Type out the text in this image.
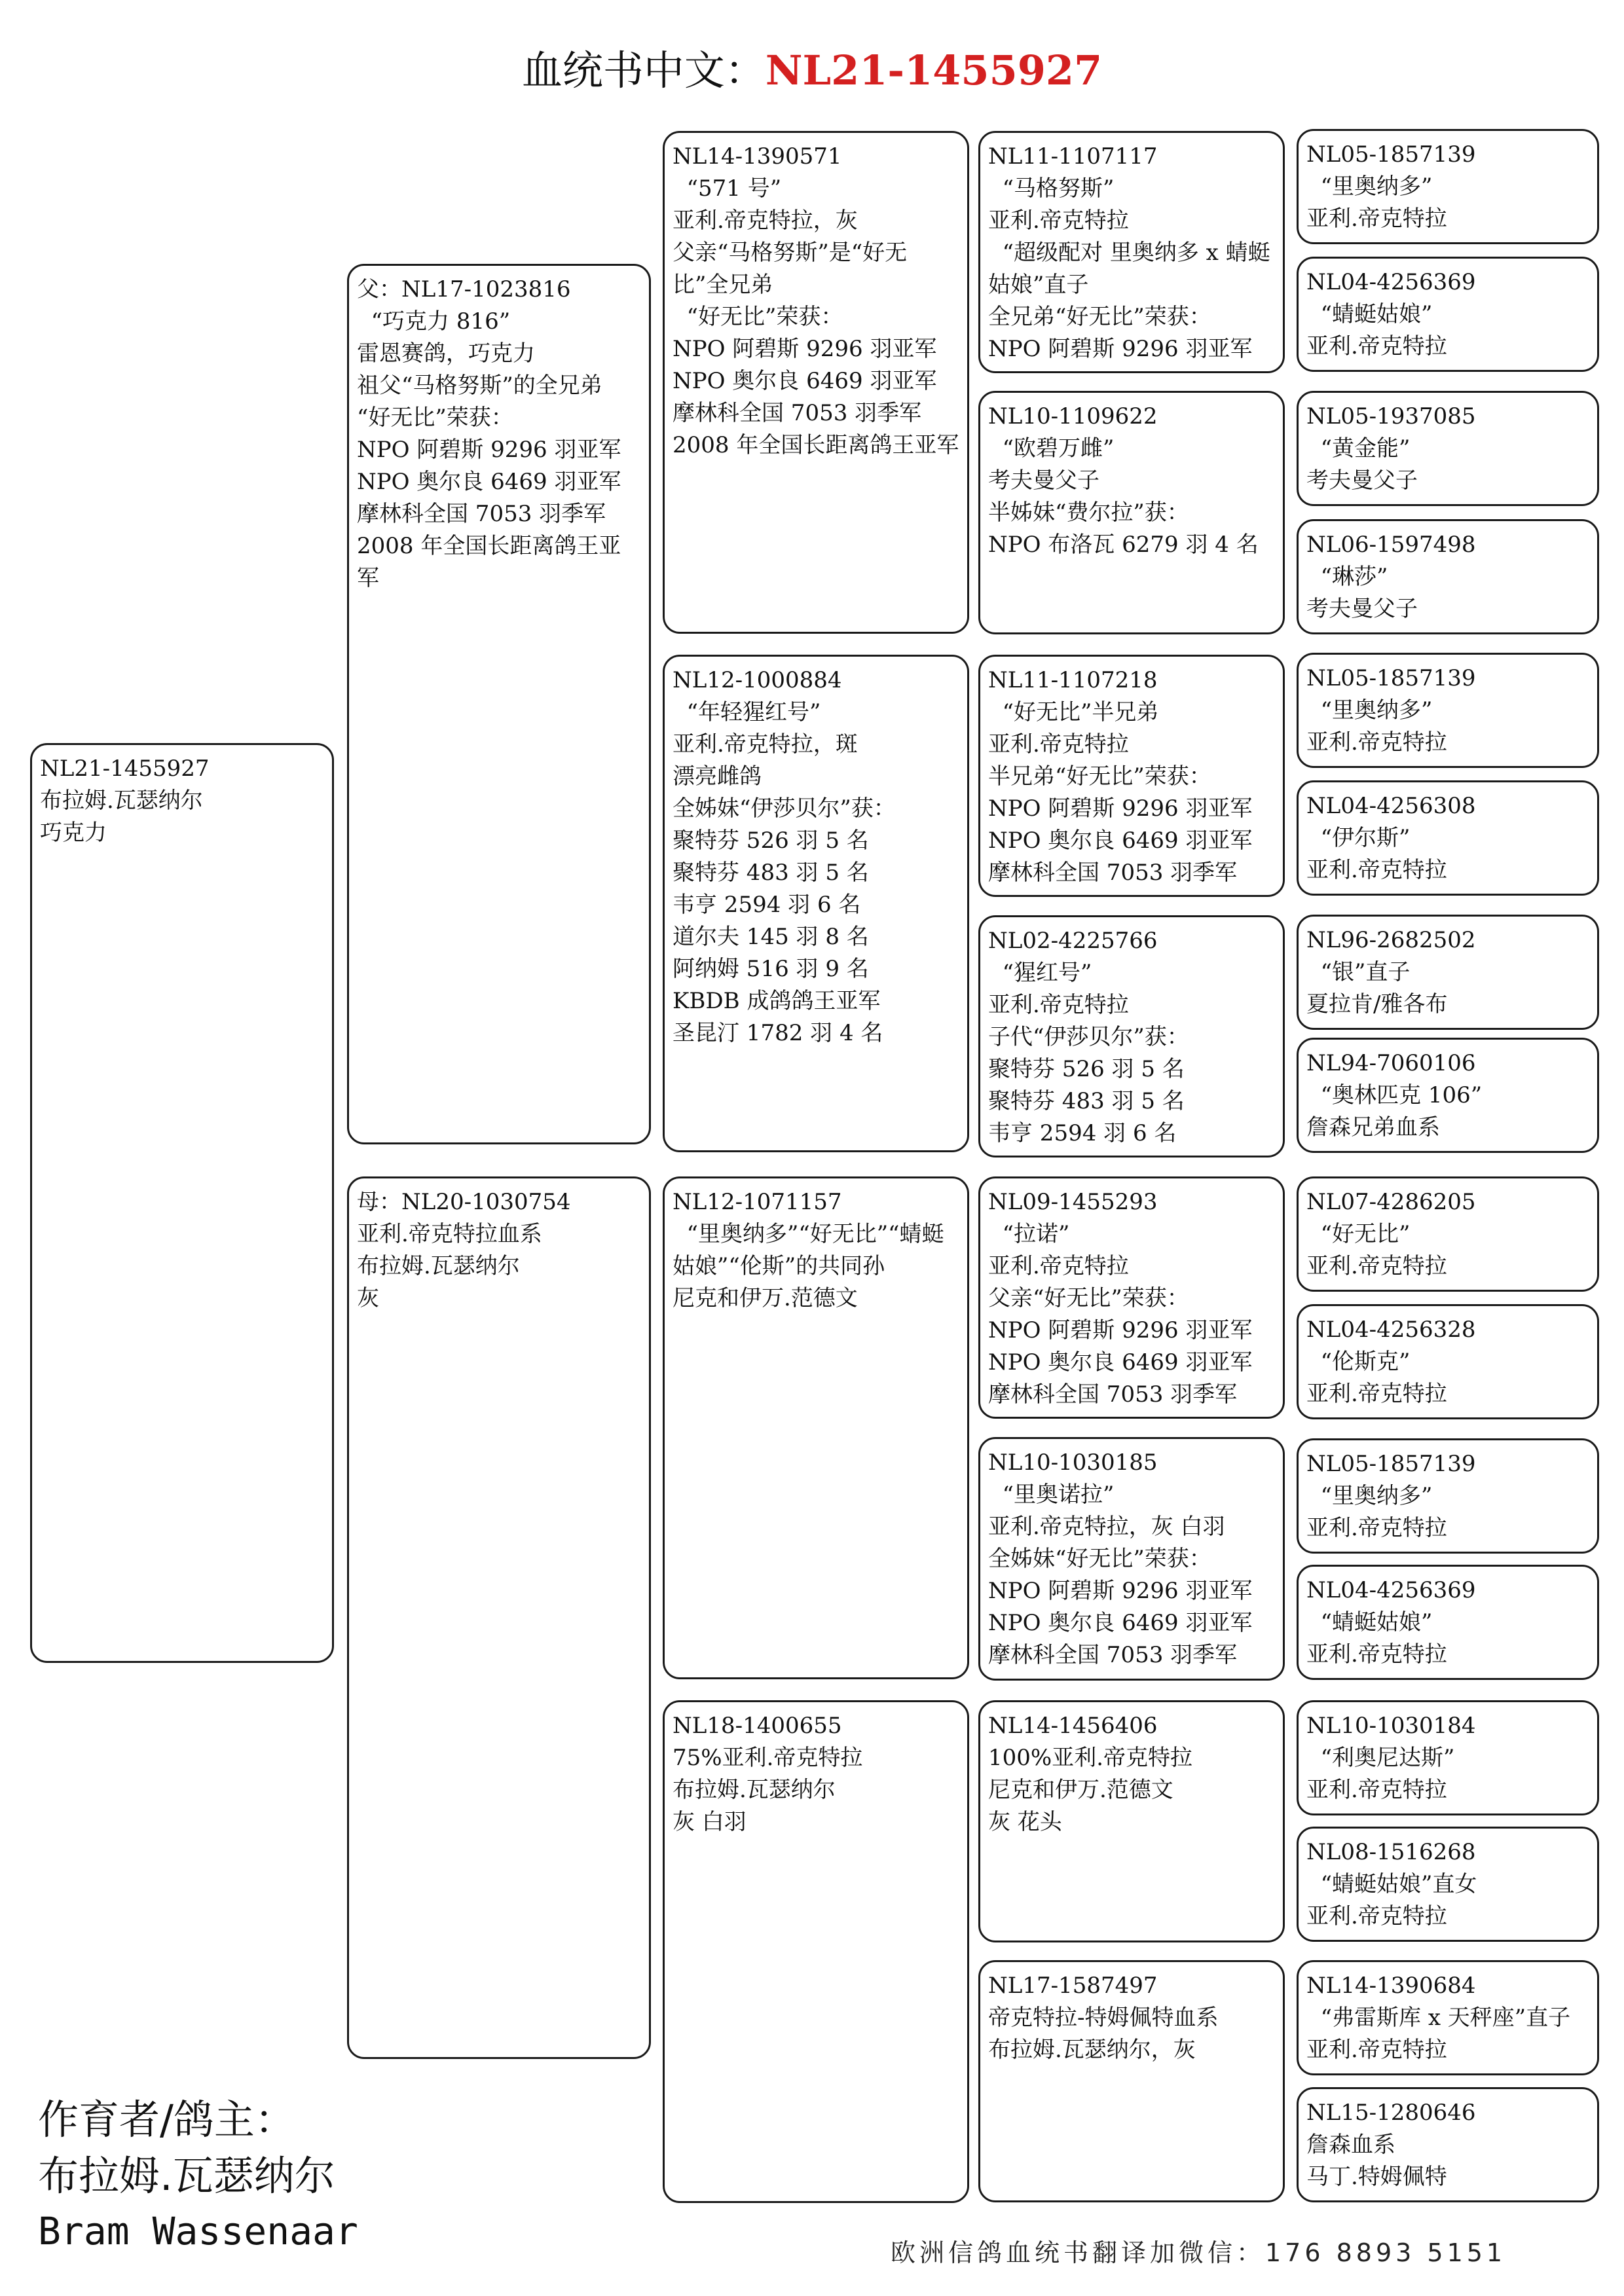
血统书中文：NL21-1455927
NL21-1455927
布拉姆.瓦瑟纳尔
巧克力
父：NL17-1023816
“巧克力 816”
雷恩赛鸽，巧克力
祖父“马格努斯”的全兄弟
“好无比”荣获：
NPO 阿碧斯 9296 羽亚军
NPO 奥尔良 6469 羽亚军
摩林科全国 7053 羽季军
2008 年全国长距离鸽王亚军
母：NL20-1030754
亚利.帝克特拉血系
布拉姆.瓦瑟纳尔
灰
NL14-1390571
“571 号”
亚利.帝克特拉，灰
父亲“马格努斯”是“好无比”全兄弟
“好无比”荣获：
NPO 阿碧斯 9296 羽亚军
NPO 奥尔良 6469 羽亚军
摩林科全国 7053 羽季军
2008 年全国长距离鸽王亚军
NL12-1000884
“年轻猩红号”
亚利.帝克特拉，斑
漂亮雌鸽
全姊妹“伊莎贝尔”获：
聚特芬 526 羽 5 名
聚特芬 483 羽 5 名
韦亨 2594 羽 6 名
道尔夫 145 羽 8 名
阿纳姆 516 羽 9 名
KBDB 成鸽鸽王亚军
圣昆汀 1782 羽 4 名
NL12-1071157
“里奥纳多”“好无比”“蜻蜓姑娘”“伦斯”的共同孙
尼克和伊万.范德文
NL18-1400655
75%亚利.帝克特拉
布拉姆.瓦瑟纳尔
灰 白羽
NL11-1107117
“马格努斯”
亚利.帝克特拉
“超级配对 里奥纳多 x 蜻蜓姑娘”直子
全兄弟“好无比”荣获：
NPO 阿碧斯 9296 羽亚军
NL10-1109622
“欧碧万雌”
考夫曼父子
半姊妹“费尔拉”获：
NPO 布洛瓦 6279 羽 4 名
NL11-1107218
“好无比”半兄弟
亚利.帝克特拉
半兄弟“好无比”荣获：
NPO 阿碧斯 9296 羽亚军
NPO 奥尔良 6469 羽亚军
摩林科全国 7053 羽季军
NL02-4225766
“猩红号”
亚利.帝克特拉
子代“伊莎贝尔”获：
聚特芬 526 羽 5 名
聚特芬 483 羽 5 名
韦亨 2594 羽 6 名
NL09-1455293
“拉诺”
亚利.帝克特拉
父亲“好无比”荣获：
NPO 阿碧斯 9296 羽亚军
NPO 奥尔良 6469 羽亚军
摩林科全国 7053 羽季军
NL10-1030185
“里奥诺拉”
亚利.帝克特拉，灰 白羽
全姊妹“好无比”荣获：
NPO 阿碧斯 9296 羽亚军
NPO 奥尔良 6469 羽亚军
摩林科全国 7053 羽季军
NL14-1456406
100%亚利.帝克特拉
尼克和伊万.范德文
灰 花头
NL17-1587497
帝克特拉-特姆佩特血系
布拉姆.瓦瑟纳尔，灰
NL05-1857139
“里奥纳多”
亚利.帝克特拉
NL04-4256369
“蜻蜓姑娘”
亚利.帝克特拉
NL05-1937085
“黄金能”
考夫曼父子
NL06-1597498
“琳莎”
考夫曼父子
NL05-1857139
“里奥纳多”
亚利.帝克特拉
NL04-4256308
“伊尔斯”
亚利.帝克特拉
NL96-2682502
“银”直子
夏拉肯/雅各布
NL94-7060106
“奥林匹克 106”
詹森兄弟血系
NL07-4286205
“好无比”
亚利.帝克特拉
NL04-4256328
“伦斯克”
亚利.帝克特拉
NL05-1857139
“里奥纳多”
亚利.帝克特拉
NL04-4256369
“蜻蜓姑娘”
亚利.帝克特拉
NL10-1030184
“利奥尼达斯”
亚利.帝克特拉
NL08-1516268
“蜻蜓姑娘”直女
亚利.帝克特拉
NL14-1390684
“弗雷斯库 x 天秤座”直子
亚利.帝克特拉
NL15-1280646
詹森血系
马丁.特姆佩特
作育者/鸽主：
布拉姆.瓦瑟纳尔
Bram Wassenaar	欧洲信鸽血统书翻译加微信：176 8893 5151
